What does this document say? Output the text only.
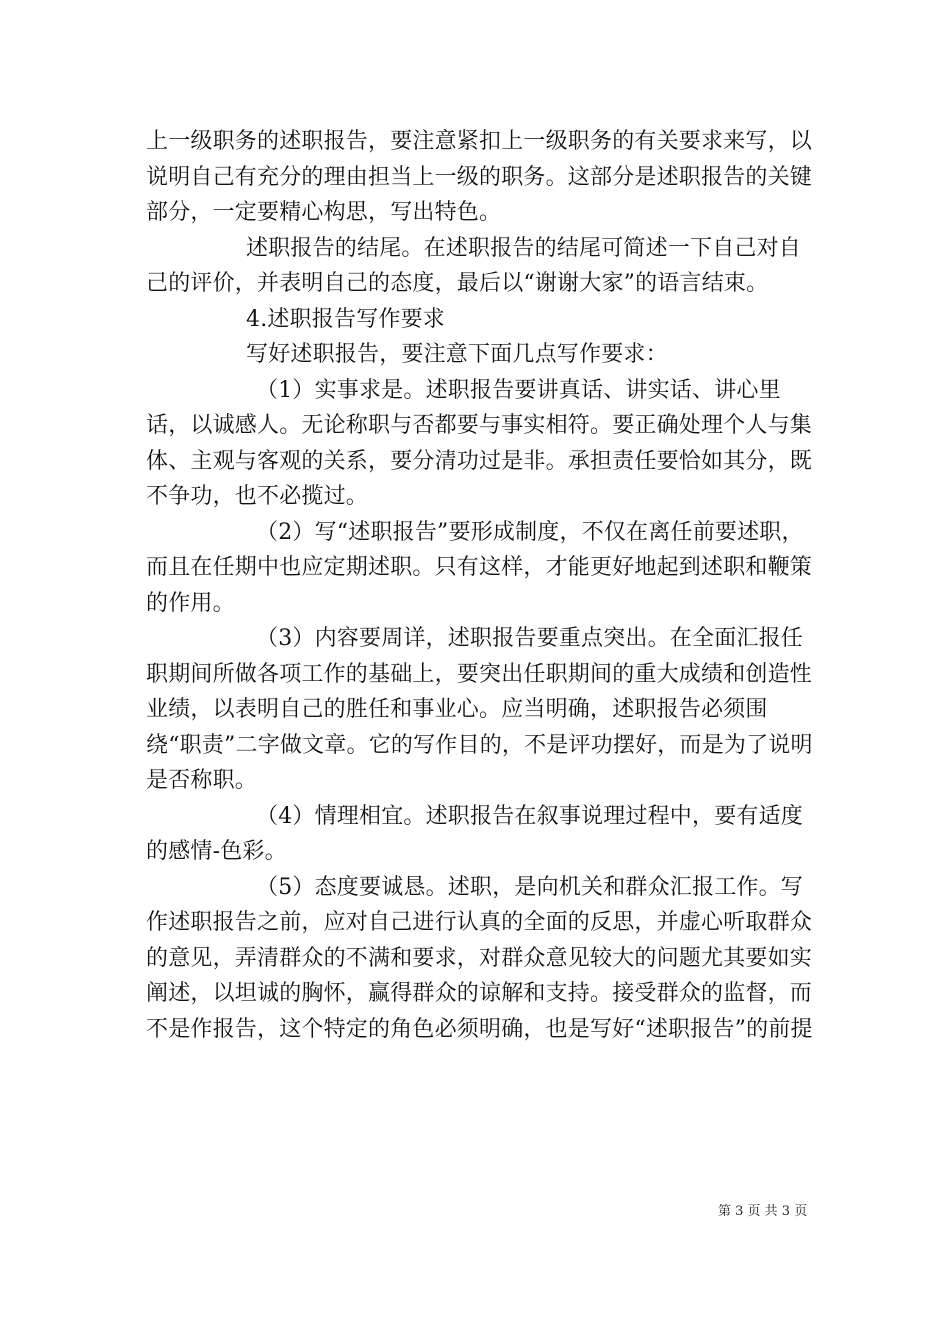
上一级职务的述职报告，要注意紧扣上一级职务的有关要求来写，以说明自己有充分的理由担当上一级的职务。这部分是述职报告的关键部分，一定要精心构思，写出特色。

述职报告的结尾。在述职报告的结尾可简述一下自己对自己的评价，并表明自己的态度，最后以“谢谢大家”的语言结束。

4.述职报告写作要求

写好述职报告，要注意下面几点写作要求：

（1）实事求是。述职报告要讲真话、讲实话、讲心里话，以诚感人。无论称职与否都要与事实相符。要正确处理个人与集体、主观与客观的关系，要分清功过是非。承担责任要恰如其分，既不争功，也不必揽过。

（2）写“述职报告”要形成制度，不仅在离任前要述职，而且在任期中也应定期述职。只有这样，才能更好地起到述职和鞭策的作用。

（3）内容要周详，述职报告要重点突出。在全面汇报任职期间所做各项工作的基础上，要突出任职期间的重大成绩和创造性业绩，以表明自己的胜任和事业心。应当明确，述职报告必须围绕“职责”二字做文章。它的写作目的，不是评功摆好，而是为了说明是否称职。

（4）情理相宜。述职报告在叙事说理过程中，要有适度的感情-色彩。

（5）态度要诚恳。述职，是向机关和群众汇报工作。写作述职报告之前，应对自己进行认真的全面的反思，并虚心听取群众的意见，弄清群众的不满和要求，对群众意见较大的问题尤其要如实阐述，以坦诚的胸怀，赢得群众的谅解和支持。接受群众的监督，而不是作报告，这个特定的角色必须明确，也是写好“述职报告”的前提

第 3 页 共 3 页
